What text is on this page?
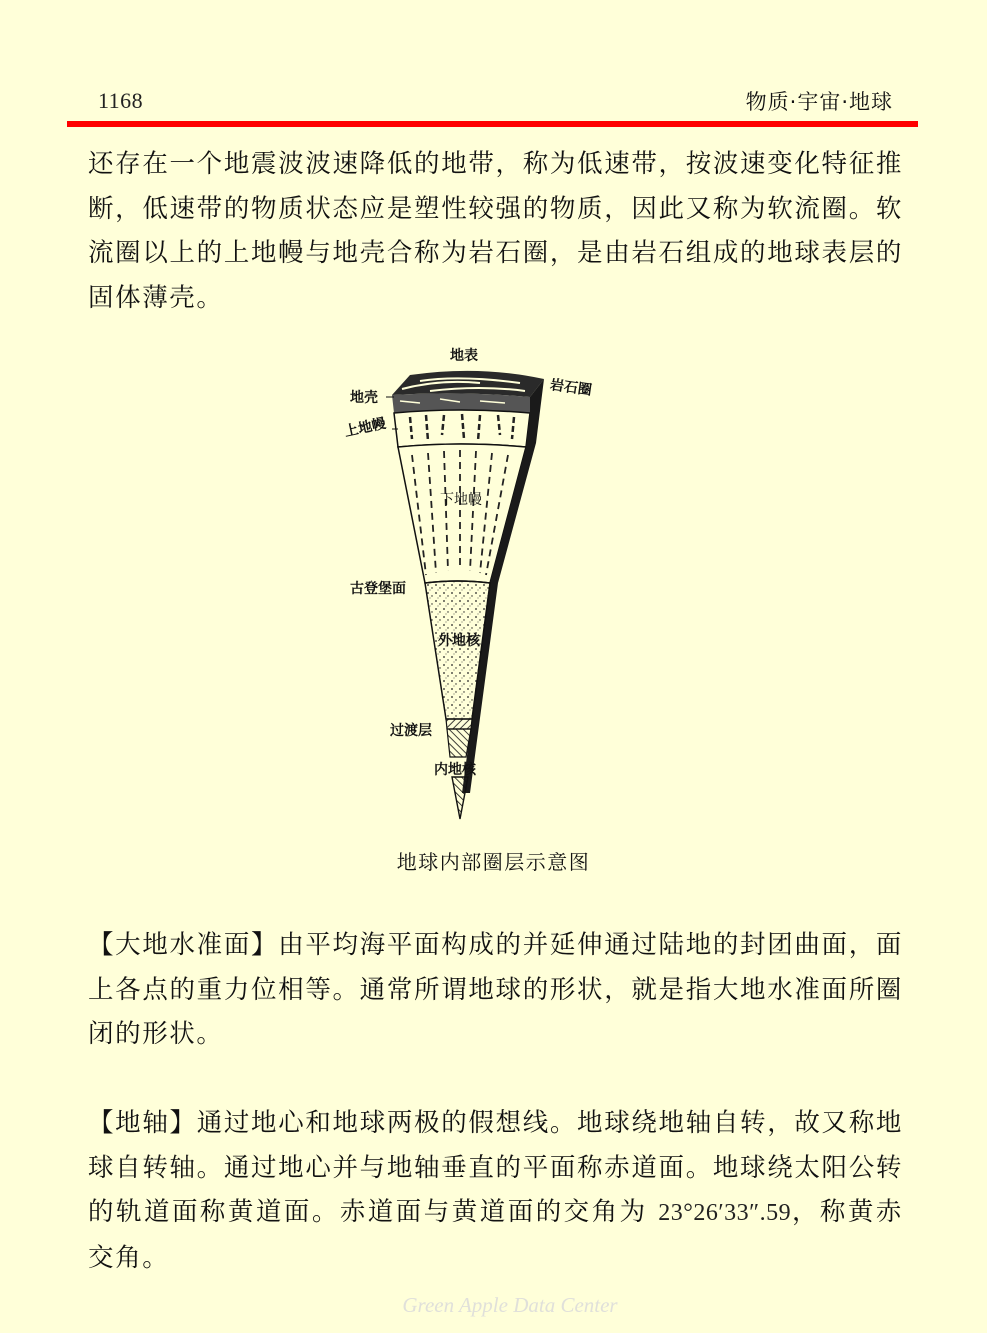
1168	物质·宇宙·地球

还存在一个地震波波速降低的地带，称为低速带，按波速变化特征推断，低速带的物质状态应是塑性较强的物质，因此又称为软流圈。软流圈以上的上地幔与地壳合称为岩石圈，是由岩石组成的地球表层的固体薄壳。

地表
地壳	岩石圈
上地幔
下地幔
古登堡面
外地核
过渡层
内地核
地球内部圈层示意图

【大地水准面】由平均海平面构成的并延伸通过陆地的封团曲面，面上各点的重力位相等。通常所谓地球的形状，就是指大地水准面所圈闭的形状。

【地轴】通过地心和地球两极的假想线。地球绕地轴自转，故又称地球自转轴。通过地心并与地轴垂直的平面称赤道面。地球绕太阳公转的轨道面称黄道面。赤道面与黄道面的交角为 23°26′33″.59，称黄赤交角。

Green Apple Data Center
